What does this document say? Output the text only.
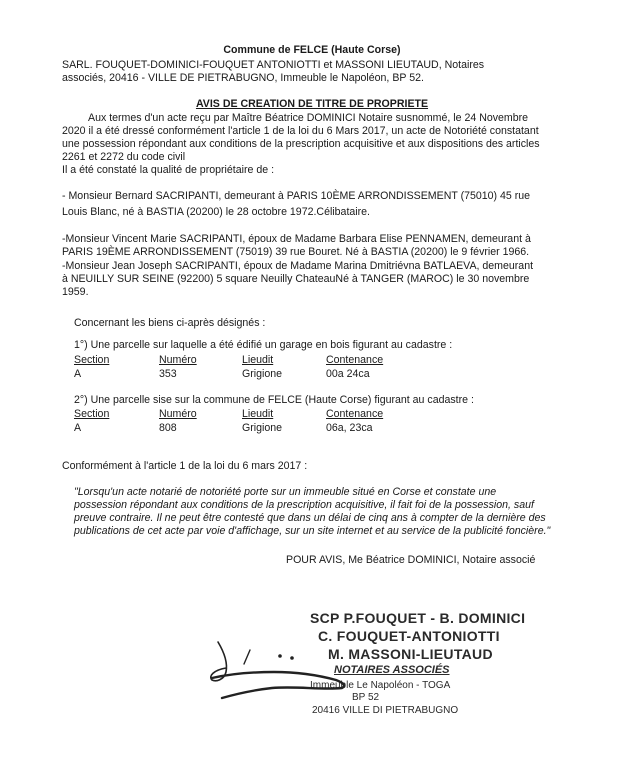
Commune de FELCE (Haute Corse)
SARL. FOUQUET-DOMINICI-FOUQUET ANTONIOTTI et MASSONI LIEUTAUD, Notaires
associés, 20416 - VILLE DE PIETRABUGNO, Immeuble le Napoléon, BP 52.
AVIS DE CREATION DE TITRE DE PROPRIETE
Aux termes d'un acte reçu par Maître Béatrice DOMINICI Notaire susnommé, le 24 Novembre
2020 il a été dressé conformément l'article 1 de la loi du 6 Mars 2017, un acte de Notoriété constatant
une possession répondant aux conditions de la prescription acquisitive et aux dispositions des articles
2261 et 2272 du code civil
Il a été constaté la qualité de propriétaire de :
- Monsieur Bernard SACRIPANTI, demeurant à PARIS 10ÈME ARRONDISSEMENT (75010) 45 rue
Louis Blanc, né à BASTIA (20200) le 28 octobre 1972.Célibataire.
-Monsieur Vincent Marie SACRIPANTI, époux de Madame Barbara Elise PENNAMEN, demeurant à
PARIS 19ÈME ARRONDISSEMENT (75019) 39 rue Bouret. Né à BASTIA (20200) le 9 février 1966.
-Monsieur Jean Joseph SACRIPANTI, époux de Madame Marina Dmitriévna BATLAEVA, demeurant
à NEUILLY SUR SEINE (92200) 5 square Neuilly ChateauNé à TANGER (MAROC) le 30 novembre
1959.
Concernant les biens ci-après désignés :
1°) Une parcelle sur laquelle a été édifié un garage en bois figurant au cadastre :
Section	Numéro	Lieudit	Contenance
A	353	Grigione	00a 24ca
2°) Une parcelle sise sur la commune de FELCE (Haute Corse) figurant au cadastre :
Section	Numéro	Lieudit	Contenance
A	808	Grigione	06a, 23ca
Conformément à l'article 1 de la loi du 6 mars 2017 :
"Lorsqu'un acte notarié de notoriété porte sur un immeuble situé en Corse et constate une
possession répondant aux conditions de la prescription acquisitive, il fait foi de la possession, sauf
preuve contraire. Il ne peut être contesté que dans un délai de cinq ans à compter de la dernière des
publications de cet acte par voie d'affichage, sur un site internet et au service de la publicité foncière."
POUR AVIS, Me Béatrice DOMINICI, Notaire associé
SCP P.FOUQUET - B. DOMINICI
C. FOUQUET-ANTONIOTTI
M. MASSONI-LIEUTAUD
NOTAIRES ASSOCIÉS
Immeuble Le Napoléon - TOGA
BP 52
20416 VILLE DI PIETRABUGNO
